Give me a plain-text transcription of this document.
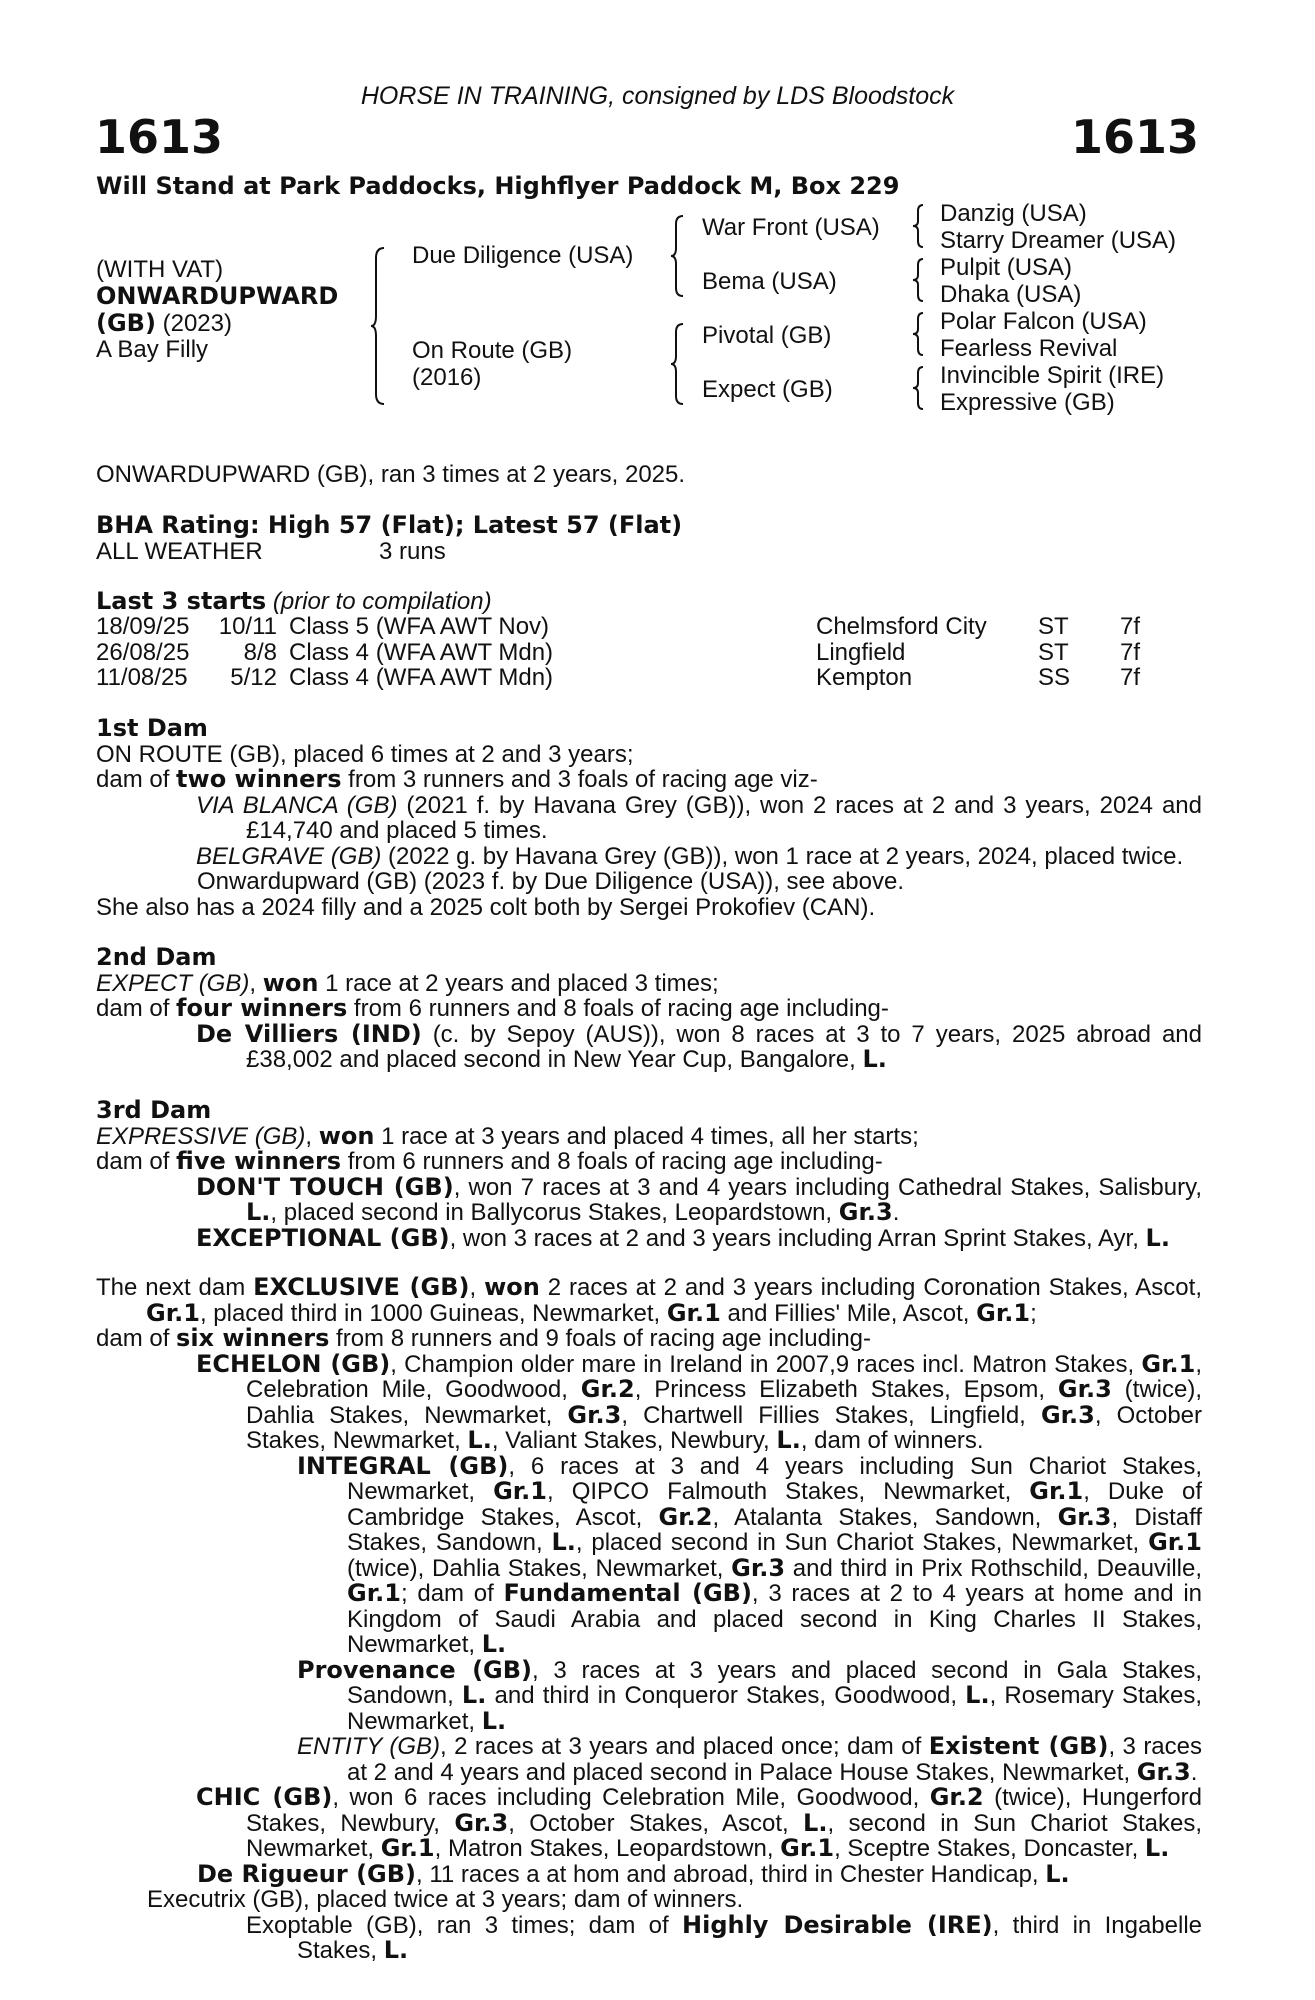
HORSE IN TRAINING, consigned by LDS Bloodstock
1613	1613
Will Stand at Park Paddocks, Highflyer Paddock M, Box 229
(WITH VAT)
ONWARDUPWARD
(GB) (2023)
A Bay Filly
Due Diligence (USA)
On Route (GB)
(2016)
War Front (USA)
Bema (USA)
Pivotal (GB)
Expect (GB)
Danzig (USA)
Starry Dreamer (USA)
Pulpit (USA)
Dhaka (USA)
Polar Falcon (USA)
Fearless Revival
Invincible Spirit (IRE)
Expressive (GB)

ONWARDUPWARD (GB), ran 3 times at 2 years, 2025.

BHA Rating: High 57 (Flat); Latest 57 (Flat)

ALL WEATHER	3 runs

Last 3 starts (prior to compilation)

18/09/25 10/11 Class 5 (WFA AWT Nov)	Chelmsford City ST 7f
26/08/25 8/8 Class 4 (WFA AWT Mdn)	Lingfield	ST 7f
11/08/25 5/12 Class 4 (WFA AWT Mdn)	Kempton	SS 7f

1st Dam

ON ROUTE (GB), placed 6 times at 2 and 3 years;

dam of two winners from 3 runners and 3 foals of racing age viz-

VIA BLANCA (GB) (2021 f. by Havana Grey (GB)), won 2 races at 2 and 3 years, 2024 and £14,740 and placed 5 times.

BELGRAVE (GB) (2022 g. by Havana Grey (GB)), won 1 race at 2 years, 2024, placed twice.

Onwardupward (GB) (2023 f. by Due Diligence (USA)), see above.

She also has a 2024 filly and a 2025 colt both by Sergei Prokofiev (CAN).

2nd Dam

EXPECT (GB), won 1 race at 2 years and placed 3 times;

dam of four winners from 6 runners and 8 foals of racing age including-

De Villiers (IND) (c. by Sepoy (AUS)), won 8 races at 3 to 7 years, 2025 abroad and £38,002 and placed second in New Year Cup, Bangalore, L.

3rd Dam

EXPRESSIVE (GB), won 1 race at 3 years and placed 4 times, all her starts;

dam of five winners from 6 runners and 8 foals of racing age including-

DON'T TOUCH (GB), won 7 races at 3 and 4 years including Cathedral Stakes, Salisbury, L., placed second in Ballycorus Stakes, Leopardstown, Gr.3.

EXCEPTIONAL (GB), won 3 races at 2 and 3 years including Arran Sprint Stakes, Ayr, L.

The next dam EXCLUSIVE (GB), won 2 races at 2 and 3 years including Coronation Stakes, Ascot, Gr.1, placed third in 1000 Guineas, Newmarket, Gr.1 and Fillies' Mile, Ascot, Gr.1;

dam of six winners from 8 runners and 9 foals of racing age including-

ECHELON (GB), Champion older mare in Ireland in 2007,9 races incl. Matron Stakes, Gr.1, Celebration Mile, Goodwood, Gr.2, Princess Elizabeth Stakes, Epsom, Gr.3 (twice), Dahlia Stakes, Newmarket, Gr.3, Chartwell Fillies Stakes, Lingfield, Gr.3, October Stakes, Newmarket, L., Valiant Stakes, Newbury, L., dam of winners.

INTEGRAL (GB), 6 races at 3 and 4 years including Sun Chariot Stakes, Newmarket, Gr.1, QIPCO Falmouth Stakes, Newmarket, Gr.1, Duke of Cambridge Stakes, Ascot, Gr.2, Atalanta Stakes, Sandown, Gr.3, Distaff Stakes, Sandown, L., placed second in Sun Chariot Stakes, Newmarket, Gr.1 (twice), Dahlia Stakes, Newmarket, Gr.3 and third in Prix Rothschild, Deauville, Gr.1; dam of Fundamental (GB), 3 races at 2 to 4 years at home and in Kingdom of Saudi Arabia and placed second in King Charles II Stakes, Newmarket, L.

Provenance (GB), 3 races at 3 years and placed second in Gala Stakes, Sandown, L. and third in Conqueror Stakes, Goodwood, L., Rosemary Stakes, Newmarket, L.

ENTITY (GB), 2 races at 3 years and placed once; dam of Existent (GB), 3 races at 2 and 4 years and placed second in Palace House Stakes, Newmarket, Gr.3.

CHIC (GB), won 6 races including Celebration Mile, Goodwood, Gr.2 (twice), Hungerford Stakes, Newbury, Gr.3, October Stakes, Ascot, L., second in Sun Chariot Stakes, Newmarket, Gr.1, Matron Stakes, Leopardstown, Gr.1, Sceptre Stakes, Doncaster, L.

De Rigueur (GB), 11 races a at hom and abroad, third in Chester Handicap, L.

Executrix (GB), placed twice at 3 years; dam of winners.

Exoptable (GB), ran 3 times; dam of Highly Desirable (IRE), third in Ingabelle Stakes, L.
